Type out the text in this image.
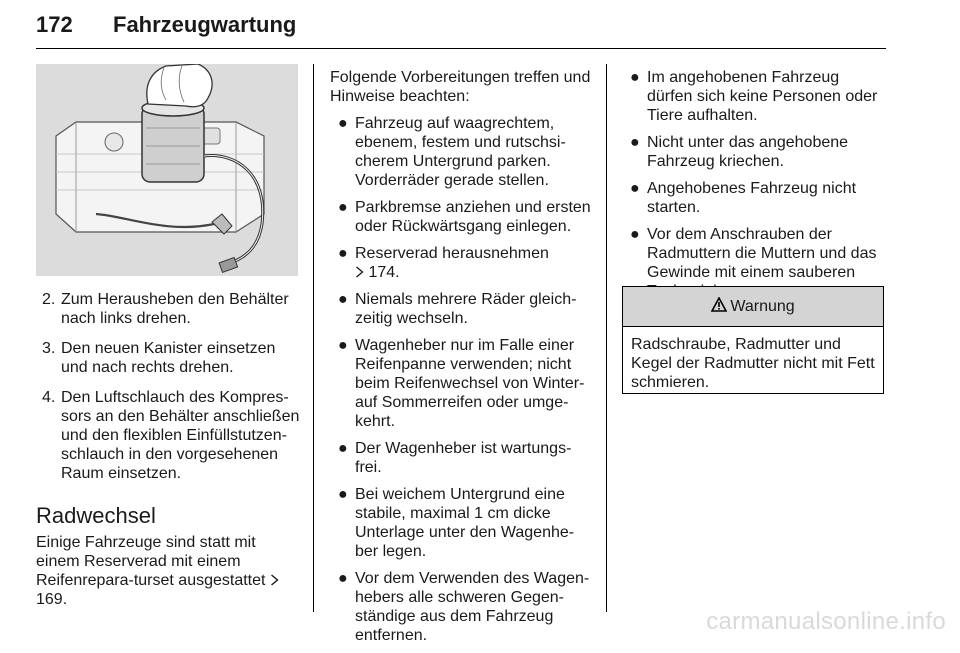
172 Fahrzeugwartung
2. Zum Herausheben den Behälter nach links drehen.
3. Den neuen Kanister einsetzen und nach rechts drehen.
4. Den Luftschlauch des Kompres-sors an den Behälter anschließen und den flexiblen Einfüllstutzen-schlauch in den vorgesehenen Raum einsetzen.
Radwechsel

Einige Fahrzeuge sind statt mit einem Reserverad mit einem Reifenrepara-turset ausgestattet  169.

Folgende Vorbereitungen treffen und Hinweise beachten:

● Fahrzeug auf waagrechtem, ebenem, festem und rutschsi-cherem Untergrund parken. Vorderräder gerade stellen.
● Parkbremse anziehen und ersten oder Rückwärtsgang einlegen.
● Reserverad herausnehmen
174.
● Niemals mehrere Räder gleich-zeitig wechseln.
● Wagenheber nur im Falle einer Reifenpanne verwenden; nicht beim Reifenwechsel von Winter- auf Sommerreifen oder umge-kehrt.
● Der Wagenheber ist wartungs-frei.
● Bei weichem Untergrund eine stabile, maximal 1 cm dicke Unterlage unter den Wagenhe-ber legen.
● Vor dem Verwenden des Wagen-hebers alle schweren Gegen-ständige aus dem Fahrzeug entfernen.
● Im angehobenen Fahrzeug dürfen sich keine Personen oder Tiere aufhalten.
● Nicht unter das angehobene Fahrzeug kriechen.
● Angehobenes Fahrzeug nicht starten.
● Vor dem Anschrauben der Radmuttern die Muttern und das Gewinde mit einem sauberen
Warnung
Radschraube, Radmutter und Kegel der Radmutter nicht mit Fett schmieren.
carmanualsonline.info
